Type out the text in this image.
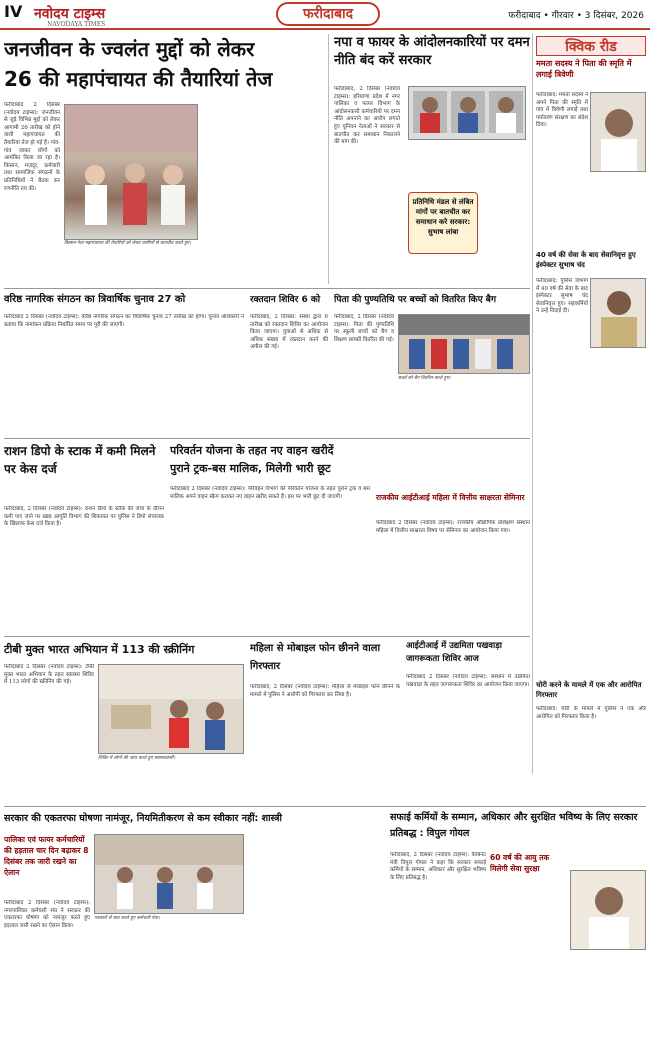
IV नवोदय टाइम्स
NAVODAYA TIMES
फरीदाबाद	फरीदाबाद • गीरवार • 3 दिसंबर, 2026
जनजीवन के ज्वलंत मुद्दों को लेकर
26 की महापंचायत की तैयारियां तेज
फरीदाबाद 2 दिसंबर (नवोदय टाइम्स): जनजीवन से जुड़े विभिन्न मुद्दों को लेकर आगामी 26 तारीख को होने वाली महापंचायत की तैयारियां तेज हो गई हैं। गांव-गांव जाकर लोगों को आमंत्रित किया जा रहा है। किसान, मजदूर, कर्मचारी तथा सामाजिक संगठनों के प्रतिनिधियों ने बैठक कर रणनीति तय की।
किसान नेता महापंचायत की तैयारियों को लेकर ग्रामीणों से बातचीत करते हुए।
नपा व फायर के आंदोलनकारियों पर दमन नीति बंद करें सरकार
फरीदाबाद, 2 दिसंबर (नवोदय टाइम्स): हरियाणा प्रदेश में नगर पालिका व फायर विभाग के आंदोलनकारी कर्मचारियों पर दमन नीति अपनाने का आरोप लगाते हुए यूनियन नेताओं ने सरकार से बातचीत कर समाधान निकालने की मांग की।
प्रतिनिधि मंडल से लंबित मांगों पर बातचीत कर समाधान करे सरकार: सुभाष लांबा
क्विक रीड
ममता सदस्य ने पिता की स्मृति में लगाई त्रिवेणी
फरीदाबाद: ममता सदस्य ने अपने पिता की स्मृति में गांव में त्रिवेणी लगाई तथा पर्यावरण संरक्षण का संदेश दिया।
40 वर्ष की सेवा के बाद सेवानिवृत्त हुए इंस्पेक्टर सुभाष चंद
फरीदाबाद: पुलिस विभाग में 40 वर्ष की सेवा के बाद इंस्पेक्टर सुभाष चंद सेवानिवृत्त हुए। सहकर्मियों ने उन्हें विदाई दी।
चोरी करने के मामले में एक और आरोपित गिरफ्तार
फरीदाबाद: चोरी के मामले में पुलिस ने एक और आरोपित को गिरफ्तार किया है।
वरिष्ठ नागरिक संगठन का त्रिवार्षिक चुनाव 27 को
फरीदाबाद 2 दिसंबर (नवोदय टाइम्स): वरिष्ठ नागरिक संगठन का त्रिवार्षिक चुनाव 27 तारीख को होगा। चुनाव अधिकारी ने बताया कि नामांकन प्रक्रिया निर्धारित समय पर पूरी की जाएगी।
रक्तदान शिविर 6 को
फरीदाबाद, 2 दिसंबर: संस्था द्वारा 6 तारीख को रक्तदान शिविर का आयोजन किया जाएगा। युवाओं से अधिक से अधिक संख्या में रक्तदान करने की अपील की गई।
पिता की पुण्यतिथि पर बच्चों को वितरित किए बैग
फरीदाबाद, 2 दिसंबर (नवोदय टाइम्स): पिता की पुण्यतिथि पर स्कूली बच्चों को बैग व शिक्षण सामग्री वितरित की गई।
बच्चों को बैग वितरित करते हुए।
राशन डिपो के स्टाक में कमी मिलने पर केस दर्ज
फरीदाबाद, 2 दिसंबर (नवोदय टाइम्स): राशन डिपो के स्टॉक की जांच के दौरान कमी पाए जाने पर खाद्य आपूर्ति विभाग की शिकायत पर पुलिस ने डिपो संचालक के खिलाफ केस दर्ज किया है।
परिवर्तन योजना के तहत नए वाहन खरीदें
पुराने ट्रक-बस मालिक, मिलेगी भारी छूट
फरीदाबाद 2 दिसंबर (नवोदय टाइम्स): परिवहन विभाग की परिवर्तन योजना के तहत पुराने ट्रक व बस मालिक अपने वाहन स्क्रैप कराकर नए वाहन खरीद सकते हैं। इस पर भारी छूट दी जाएगी।	राजकीय आईटीआई महिला में वित्तीय साक्षरता सेमिनार
फरीदाबाद 2 दिसंबर (नवोदय टाइम्स): राजकीय औद्योगिक प्रशिक्षण संस्थान महिला में वित्तीय साक्षरता विषय पर सेमिनार का आयोजन किया गया।
टीबी मुक्त भारत अभियान में 113 की स्क्रीनिंग
फरीदाबाद 2 दिसंबर (नवोदय टाइम्स): टीबी मुक्त भारत अभियान के तहत स्वास्थ्य शिविर में 113 लोगों की स्क्रीनिंग की गई।
शिविर में लोगों की जांच करते हुए स्वास्थ्यकर्मी।
महिला से मोबाइल फोन छीनने वाला गिरफ्तार
फरीदाबाद, 2 दिसंबर (नवोदय टाइम्स): महिला से मोबाइल फोन छीनने के मामले में पुलिस ने आरोपी को गिरफ्तार कर लिया है।
आईटीआई में उद्यमिता पखवाड़ा जागरूकता शिविर आज
फरीदाबाद 2 दिसंबर (नवोदय टाइम्स): संस्थान में उद्यमिता पखवाड़ा के तहत जागरूकता शिविर का आयोजन किया जाएगा।
सरकार की एकतरफा घोषणा नामंजूर, नियमितीकरण से कम स्वीकार नहीं: शास्त्री
पालिका एवं फायर कर्मचारियों की हड़ताल चार दिन बढ़ाकर 8 दिसंबर तक जारी रखने का ऐलान
फरीदाबाद 2 दिसंबर (नवोदय टाइम्स): नगरपालिका कर्मचारी संघ ने सरकार की एकतरफा घोषणा को नामंजूर करते हुए हड़ताल जारी रखने का ऐलान किया।
पत्रकारों से बात करते हुए कर्मचारी नेता।
सफाई कर्मियों के सम्मान, अधिकार और सुरक्षित भविष्य के लिए सरकार प्रतिबद्ध : विपुल गोयल
फरीदाबाद, 2 दिसंबर (नवोदय टाइम्स): कैबिनेट मंत्री विपुल गोयल ने कहा कि सरकार सफाई कर्मियों के सम्मान, अधिकार और सुरक्षित भविष्य के लिए प्रतिबद्ध है।
60 वर्ष की आयु तक मिलेगी सेवा सुरक्षा
